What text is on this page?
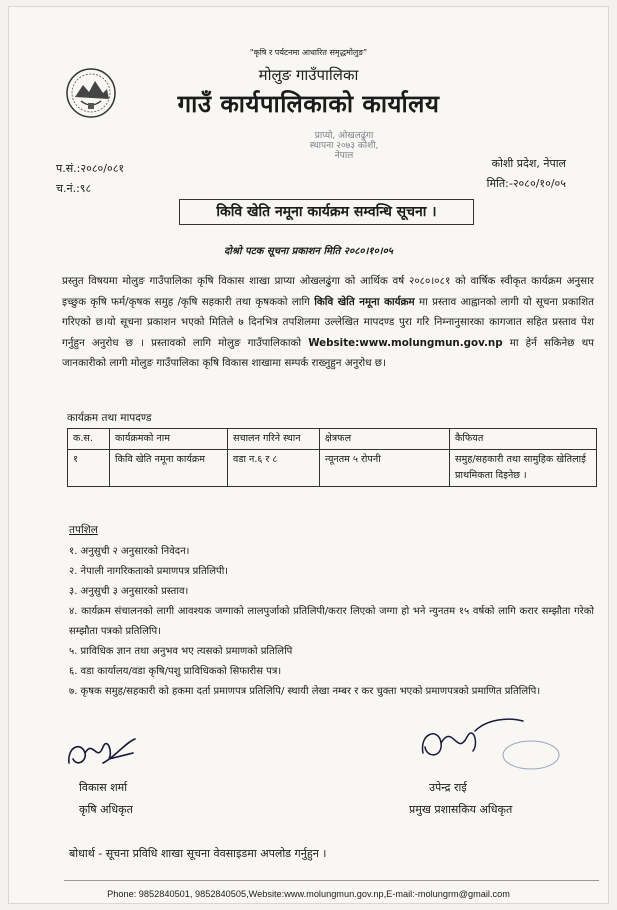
"कृषि र पर्यटनमा आधारित समृद्धमोलुङ"
मोलुङ गाउँपालिका
गाउँ कार्यपालिकाको कार्यालय
प्राप्यो, ओखलढुंगा स्थापना २०७३ कोशी, नेपाल
प.सं.:२०८०/०८१
च.नं.:९८
कोशी प्रदेश, नेपाल
मिति:-२०८०/१०/०५
किवि खेति नमूना कार्यक्रम सम्वन्धि सूचना ।
दोश्रो पटक सूचना प्रकाशन मिति २०८०।१०।०५

प्रस्तुत विषयमा मोलुङ गाउँपालिका कृषि विकास शाखा प्राप्या ओखलढुंगा को आर्थिक वर्ष २०८०।०८१ को वार्षिक स्वीकृत कार्यक्रम अनुसार इच्छुक कृषि फर्म/कृषक समुह /कृषि सहकारी तथा कृषकको लागि किवि खेति नमूना कार्यक्रम मा प्रस्ताव आह्वानको लागी यो सूचना प्रकाशित गरिएको छ।यो सूचना प्रकाशन भएको मितिले ७ दिनभित्र तपशिलमा उल्लेखित मापदण्ड पुरा गरि निम्नानुसारका कागजात सहित प्रस्ताव पेश गर्नुहुन अनुरोध छ । प्रस्तावको लागि मोलुङ गाउँपालिकाको Website:www.molungmun.gov.np मा हेर्न सकिनेछ थप जानकारीको लागी मोलुङ गाउँपालिका कृषि विकास शाखामा सम्पर्क राख्नुहुन अनुरोध छ।

कार्यक्रम तथा मापदण्ड
क.स.	कार्यक्रमको नाम	सचालन गरिने स्थान	क्षेत्रफल	कैफियत
१	किवि खेति नमूना कार्यक्रम	वडा न.६ र ८	न्यूनतम ५ रोपनी	समुह/सहकारी तथा सामुहिक खेतिलाई प्राथमिकता दिइनेछ ।
तपशिल
१. अनुसुची २ अनुसारको निवेदन।
२. नेपाली नागरिकताको प्रमाणपत्र प्रतिलिपी।
३. अनुसुची ३ अनुसारको प्रस्ताव।
४. कार्यक्रम संचालनको लागी आवश्यक जग्गाको लालपुर्जाको प्रतिलिपी/करार लिएको जग्गा हो भने न्युनतम १५ वर्षको लागि करार सम्झौता गरेको सम्झौता पत्रको प्रतिलिपि।
५. प्राविधिक ज्ञान तथा अनुभव भए त्यसको प्रमाणको प्रतिलिपि
६. वडा कार्यालय/वडा कृषि/पशु प्राविधिकको सिफारीस पत्र।
७. कृषक समुह/सहकारी को हकमा दर्ता प्रमाणपत्र प्रतिलिपि/ स्थायी लेखा नम्बर र कर चुक्ता भएको प्रमाणपत्रको प्रमाणित प्रतिलिपि।
विकास शर्मा
कृषि अधिकृत
उपेन्द्र राई
प्रमुख प्रशासकिय अधिकृत
बोधार्थ - सूचना प्रविधि शाखा सूचना वेवसाइडमा अपलोड गर्नुहुन ।
Phone: 9852840501, 9852840505,Website:www.molungmun.gov.np,E-mail:-molungrm@gmail.com
